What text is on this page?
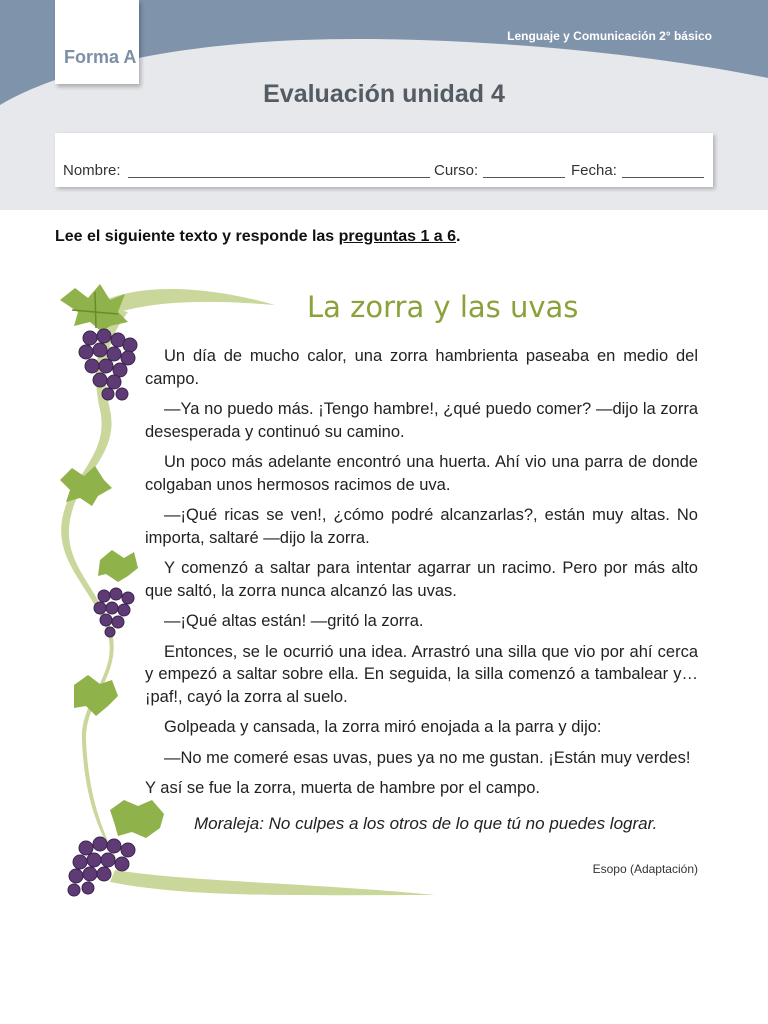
Lenguaje y Comunicación 2° básico
Forma A
Evaluación unidad 4
Nombre:	Curso:	Fecha:
Lee el siguiente texto y responde las preguntas 1 a 6.
La zorra y las uvas

Un día de mucho calor, una zorra hambrienta paseaba en medio del campo.

—Ya no puedo más. ¡Tengo hambre!, ¿qué puedo comer? —dijo la zorra desesperada y continuó su camino.

Un poco más adelante encontró una huerta. Ahí vio una parra de donde colgaban unos hermosos racimos de uva.

—¡Qué ricas se ven!, ¿cómo podré alcanzarlas?, están muy altas. No importa, saltaré —dijo la zorra.

Y comenzó a saltar para intentar agarrar un racimo. Pero por más alto que saltó, la zorra nunca alcanzó las uvas.

—¡Qué altas están! —gritó la zorra.

Entonces, se le ocurrió una idea. Arrastró una silla que vio por ahí cerca y empezó a saltar sobre ella. En seguida, la silla comenzó a tambalear y… ¡paf!, cayó la zorra al suelo.

Golpeada y cansada, la zorra miró enojada a la parra y dijo:

—No me comeré esas uvas, pues ya no me gustan. ¡Están muy verdes!

Y así se fue la zorra, muerta de hambre por el campo.

Moraleja: No culpes a los otros de lo que tú no puedes lograr.
Esopo (Adaptación)
